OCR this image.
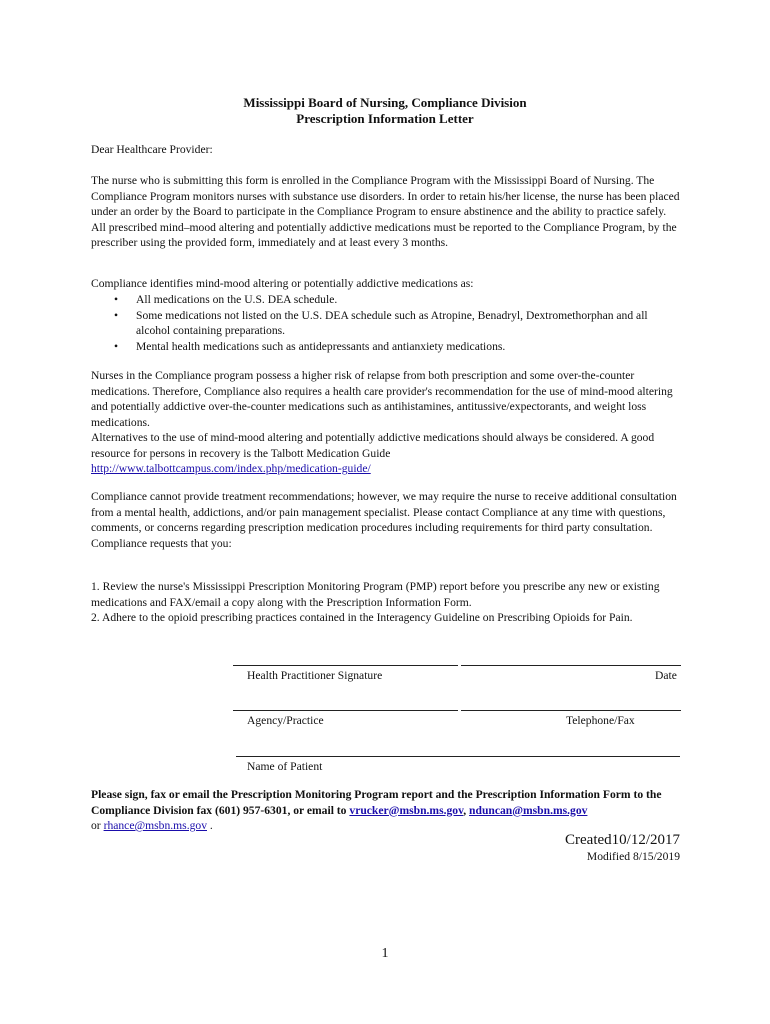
Mississippi Board of Nursing, Compliance Division
Prescription Information Letter
Dear Healthcare Provider:
The nurse who is submitting this form is enrolled in the Compliance Program with the Mississippi Board of Nursing. The Compliance Program monitors nurses with substance use disorders. In order to retain his/her license, the nurse has been placed under an order by the Board to participate in the Compliance Program to ensure abstinence and the ability to practice safely. All prescribed mind–mood altering and potentially addictive medications must be reported to the Compliance Program, by the prescriber using the provided form, immediately and at least every 3 months.
Compliance identifies mind-mood altering or potentially addictive medications as:
• All medications on the U.S. DEA schedule.
• Some medications not listed on the U.S. DEA schedule such as Atropine, Benadryl, Dextromethorphan and all alcohol containing preparations.
• Mental health medications such as antidepressants and antianxiety medications.

Nurses in the Compliance program possess a higher risk of relapse from both prescription and some over-the-counter medications. Therefore, Compliance also requires a health care provider's recommendation for the use of mind-mood altering and potentially addictive over-the-counter medications such as antihistamines, antitussive/expectorants, and weight loss medications.

Alternatives to the use of mind-mood altering and potentially addictive medications should always be considered. A good resource for persons in recovery is the Talbott Medication Guide

http://www.talbottcampus.com/index.php/medication-guide/

Compliance cannot provide treatment recommendations; however, we may require the nurse to receive additional consultation from a mental health, addictions, and/or pain management specialist. Please contact Compliance at any time with questions, comments, or concerns regarding prescription medication procedures including requirements for third party consultation.

Compliance requests that you:

1. Review the nurse's Mississippi Prescription Monitoring Program (PMP) report before you prescribe any new or existing medications and FAX/email a copy along with the Prescription Information Form.

2. Adhere to the opioid prescribing practices contained in the Interagency Guideline on Prescribing Opioids for Pain.

Health Practitioner Signature	Date
Agency/Practice	Telephone/Fax
Name of Patient
Please sign, fax or email the Prescription Monitoring Program report and the Prescription Information Form to the Compliance Division fax (601) 957-6301, or email to vrucker@msbn.ms.gov, nduncan@msbn.ms.gov
or rhance@msbn.ms.gov .
Created10/12/2017
Modified 8/15/2019
1
